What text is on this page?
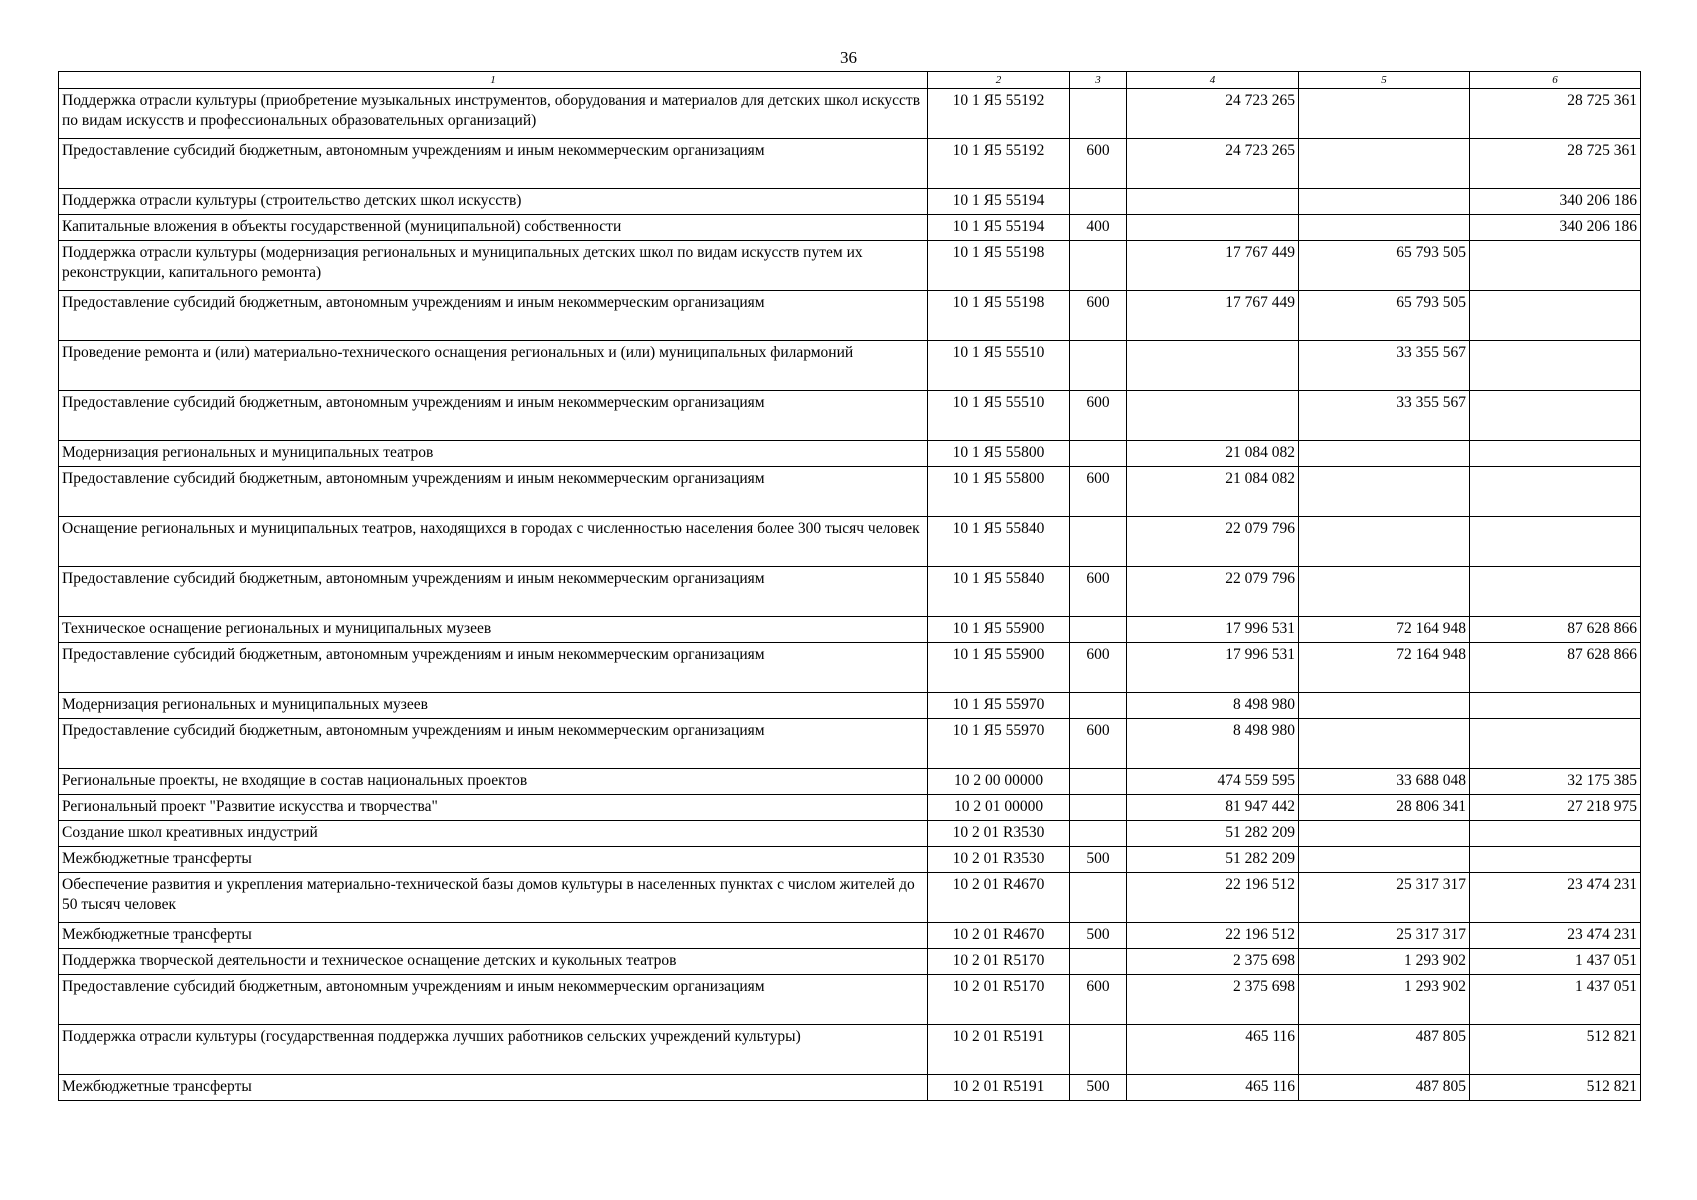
36
1	2	3	4	5	6
Поддержка отрасли культуры (приобретение музыкальных инструментов, оборудования и материалов для детских школ искусств по видам искусств и профессиональных образовательных организаций)	10 1 Я5 55192		24 723 265		28 725 361
Предоставление субсидий бюджетным, автономным учреждениям и иным некоммерческим организациям	10 1 Я5 55192	600	24 723 265		28 725 361
Поддержка отрасли культуры (строительство детских школ искусств)	10 1 Я5 55194				340 206 186
Капитальные вложения в объекты государственной (муниципальной) собственности	10 1 Я5 55194	400			340 206 186
Поддержка отрасли культуры (модернизация региональных и муниципальных детских школ по видам искусств путем их реконструкции, капитального ремонта)	10 1 Я5 55198		17 767 449	65 793 505	
Предоставление субсидий бюджетным, автономным учреждениям и иным некоммерческим организациям	10 1 Я5 55198	600	17 767 449	65 793 505	
Проведение ремонта и (или) материально-технического оснащения региональных и (или) муниципальных филармоний	10 1 Я5 55510			33 355 567	
Предоставление субсидий бюджетным, автономным учреждениям и иным некоммерческим организациям	10 1 Я5 55510	600		33 355 567	
Модернизация региональных и муниципальных театров	10 1 Я5 55800		21 084 082		
Предоставление субсидий бюджетным, автономным учреждениям и иным некоммерческим организациям	10 1 Я5 55800	600	21 084 082		
Оснащение региональных и муниципальных театров, находящихся в городах с численностью населения более 300 тысяч человек	10 1 Я5 55840		22 079 796		
Предоставление субсидий бюджетным, автономным учреждениям и иным некоммерческим организациям	10 1 Я5 55840	600	22 079 796		
Техническое оснащение региональных и муниципальных музеев	10 1 Я5 55900		17 996 531	72 164 948	87 628 866
Предоставление субсидий бюджетным, автономным учреждениям и иным некоммерческим организациям	10 1 Я5 55900	600	17 996 531	72 164 948	87 628 866
Модернизация региональных и муниципальных музеев	10 1 Я5 55970		8 498 980		
Предоставление субсидий бюджетным, автономным учреждениям и иным некоммерческим организациям	10 1 Я5 55970	600	8 498 980		
Региональные проекты, не входящие в состав национальных проектов	10 2 00 00000		474 559 595	33 688 048	32 175 385
Региональный проект "Развитие искусства и творчества"	10 2 01 00000		81 947 442	28 806 341	27 218 975
Создание школ креативных индустрий	10 2 01 R3530		51 282 209		
Межбюджетные трансферты	10 2 01 R3530	500	51 282 209		
Обеспечение развития и укрепления материально-технической базы домов культуры в населенных пунктах с числом жителей до 50 тысяч человек	10 2 01 R4670		22 196 512	25 317 317	23 474 231
Межбюджетные трансферты	10 2 01 R4670	500	22 196 512	25 317 317	23 474 231
Поддержка творческой деятельности и техническое оснащение детских и кукольных театров	10 2 01 R5170		2 375 698	1 293 902	1 437 051
Предоставление субсидий бюджетным, автономным учреждениям и иным некоммерческим организациям	10 2 01 R5170	600	2 375 698	1 293 902	1 437 051
Поддержка отрасли культуры (государственная поддержка лучших работников сельских учреждений культуры)	10 2 01 R5191		465 116	487 805	512 821
Межбюджетные трансферты	10 2 01 R5191	500	465 116	487 805	512 821
